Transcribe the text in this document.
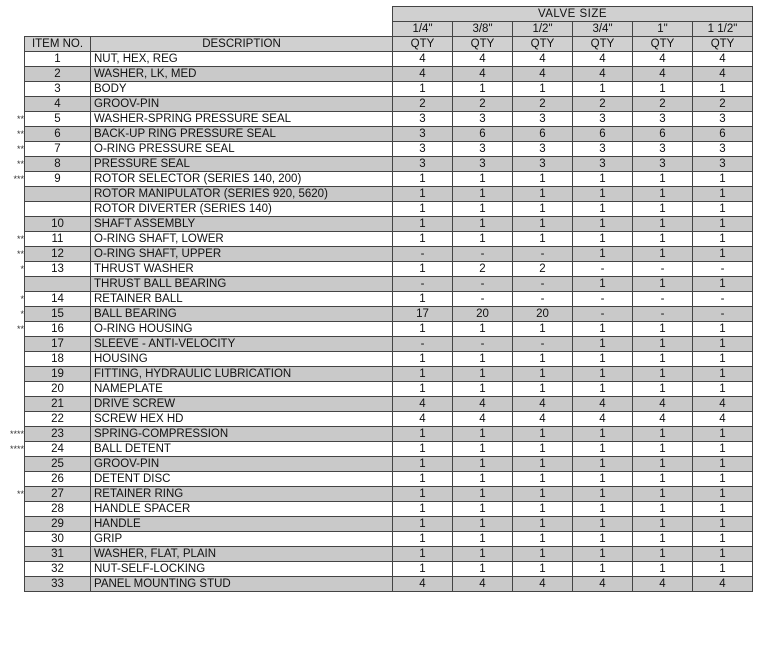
**
**
**
**
***
**
**
*
*
*
**
****
****
**
		VALVE SIZE					
		1/4"	3/8"	1/2"	3/4"	1"	1 1/2"
ITEM NO.	DESCRIPTION	QTY	QTY	QTY	QTY	QTY	QTY
1	NUT, HEX, REG	4	4	4	4	4	4
2	WASHER, LK, MED	4	4	4	4	4	4
3	BODY	1	1	1	1	1	1
4	GROOV-PIN	2	2	2	2	2	2
5	WASHER-SPRING PRESSURE SEAL	3	3	3	3	3	3
6	BACK-UP RING PRESSURE SEAL	3	6	6	6	6	6
7	O-RING PRESSURE SEAL	3	3	3	3	3	3
8	PRESSURE SEAL	3	3	3	3	3	3
9	ROTOR SELECTOR (SERIES 140, 200)	1	1	1	1	1	1
	ROTOR MANIPULATOR (SERIES 920, 5620)	1	1	1	1	1	1
	ROTOR DIVERTER (SERIES 140)	1	1	1	1	1	1
10	SHAFT ASSEMBLY	1	1	1	1	1	1
11	O-RING SHAFT, LOWER	1	1	1	1	1	1
12	O-RING SHAFT, UPPER	-	-	-	1	1	1
13	THRUST WASHER	1	2	2	-	-	-
	THRUST BALL BEARING	-	-	-	1	1	1
14	RETAINER BALL	1	-	-	-	-	-
15	BALL BEARING	17	20	20	-	-	-
16	O-RING HOUSING	1	1	1	1	1	1
17	SLEEVE - ANTI-VELOCITY	-	-	-	1	1	1
18	HOUSING	1	1	1	1	1	1
19	FITTING, HYDRAULIC LUBRICATION	1	1	1	1	1	1
20	NAMEPLATE	1	1	1	1	1	1
21	DRIVE SCREW	4	4	4	4	4	4
22	SCREW HEX HD	4	4	4	4	4	4
23	SPRING-COMPRESSION	1	1	1	1	1	1
24	BALL DETENT	1	1	1	1	1	1
25	GROOV-PIN	1	1	1	1	1	1
26	DETENT DISC	1	1	1	1	1	1
27	RETAINER RING	1	1	1	1	1	1
28	HANDLE SPACER	1	1	1	1	1	1
29	HANDLE	1	1	1	1	1	1
30	GRIP	1	1	1	1	1	1
31	WASHER, FLAT, PLAIN	1	1	1	1	1	1
32	NUT-SELF-LOCKING	1	1	1	1	1	1
33	PANEL MOUNTING STUD	4	4	4	4	4	4
